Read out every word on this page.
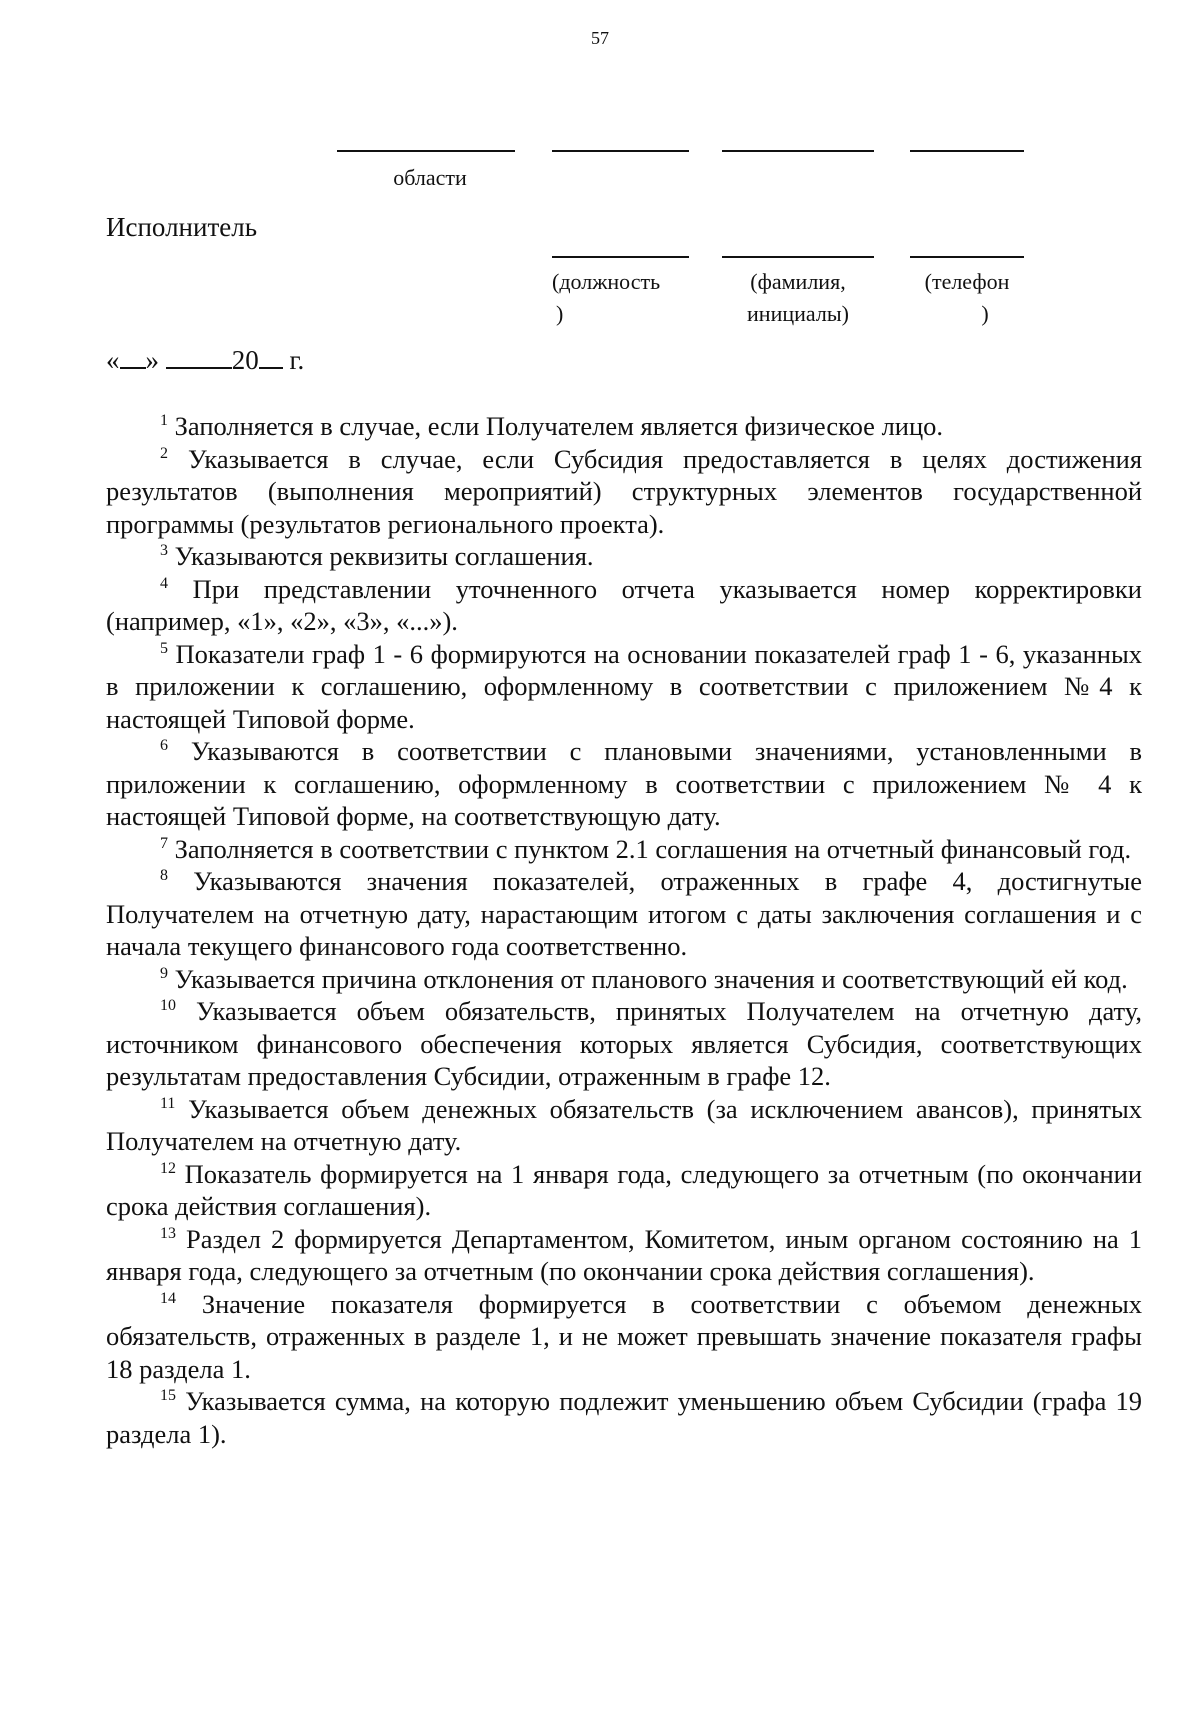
57
области
Исполнитель
(должность
)
(фамилия,
инициалы)
(телефон
)
« »	20 г.

$^1$ Заполняется в случае, если Получателем является физическое лицо.

$^2$ Указывается в случае, если Субсидия предоставляется в целях достижения результатов (выполнения мероприятий) структурных элементов государственной программы (результатов регионального проекта).

$^3$ Указываются реквизиты соглашения.

$^4$ При представлении уточненного отчета указывается номер корректировки (например, «1», «2», «3», «...»).

$^5$ Показатели граф 1 - 6 формируются на основании показателей граф 1 - 6, указанных в приложении к соглашению, оформленному в соответствии с приложением №4 к настоящей Типовой форме.

$^6$ Указываются в соответствии с плановыми значениями, установленными в приложении к соглашению, оформленному в соответствии с приложением № 4 к настоящей Типовой форме, на соответствующую дату.

$^7$ Заполняется в соответствии с пунктом 2.1 соглашения на отчетный финансовый год.

$^8$ Указываются значения показателей, отраженных в графе 4, достигнутые Получателем на отчетную дату, нарастающим итогом с даты заключения соглашения и с начала текущего финансового года соответственно.

$^9$ Указывается причина отклонения от планового значения и соответствующий ей код.

$^{10}$ Указывается объем обязательств, принятых Получателем на отчетную дату, источником финансового обеспечения которых является Субсидия, соответствующих результатам предоставления Субсидии, отраженным в графе 12.

$^{11}$ Указывается объем денежных обязательств (за исключением авансов), принятых Получателем на отчетную дату.

$^{12}$ Показатель формируется на 1 января года, следующего за отчетным (по окончании срока действия соглашения).

$^{13}$ Раздел 2 формируется Департаментом, Комитетом, иным органом состоянию на 1 января года, следующего за отчетным (по окончании срока действия соглашения).

$^{14}$ Значение показателя формируется в соответствии с объемом денежных обязательств, отраженных в разделе 1, и не может превышать значение показателя графы 18 раздела 1.

$^{15}$ Указывается сумма, на которую подлежит уменьшению объем Субсидии (графа 19 раздела 1).
